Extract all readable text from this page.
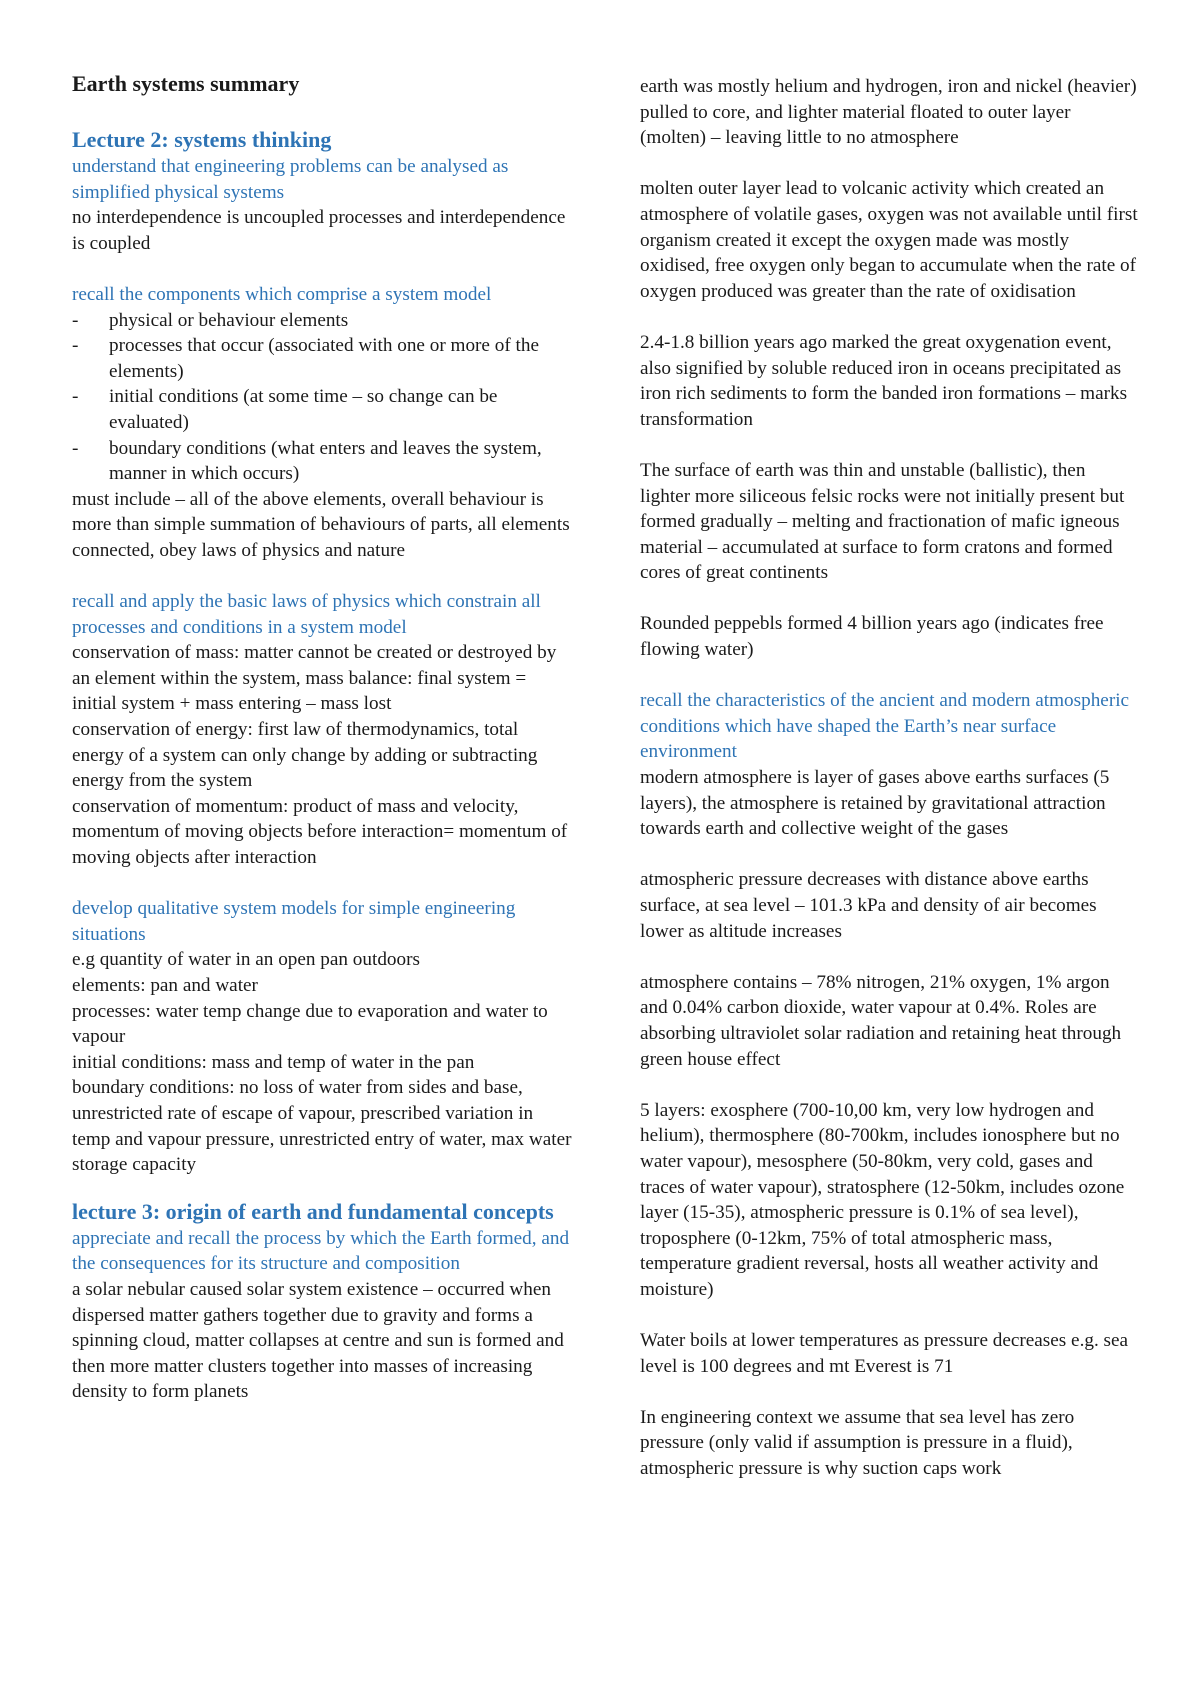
Earth systems summary

Lecture 2: systems thinking

understand that engineering problems can be analysed as simplified physical systems

no interdependence is uncoupled processes and interdependence is coupled

recall the components which comprise a system model

- physical or behaviour elements
- processes that occur (associated with one or more of the elements)
- initial conditions (at some time – so change can be evaluated)
- boundary conditions (what enters and leaves the system, manner in which occurs)

must include – all of the above elements, overall behaviour is more than simple summation of behaviours of parts, all elements connected, obey laws of physics and nature

recall and apply the basic laws of physics which constrain all processes and conditions in a system model

conservation of mass: matter cannot be created or destroyed by an element within the system, mass balance: final system = initial system + mass entering – mass lost

conservation of energy: first law of thermodynamics, total energy of a system can only change by adding or subtracting energy from the system

conservation of momentum: product of mass and velocity, momentum of moving objects before interaction= momentum of moving objects after interaction

develop qualitative system models for simple engineering situations

e.g quantity of water in an open pan outdoors

elements: pan and water

processes: water temp change due to evaporation and water to vapour

initial conditions: mass and temp of water in the pan

boundary conditions: no loss of water from sides and base, unrestricted rate of escape of vapour, prescribed variation in temp and vapour pressure, unrestricted entry of water, max water storage capacity

lecture 3: origin of earth and fundamental concepts

appreciate and recall the process by which the Earth formed, and the consequences for its structure and composition

a solar nebular caused solar system existence – occurred when dispersed matter gathers together due to gravity and forms a spinning cloud, matter collapses at centre and sun is formed and then more matter clusters together into masses of increasing density to form planets

earth was mostly helium and hydrogen, iron and nickel (heavier) pulled to core, and lighter material floated to outer layer (molten) – leaving little to no atmosphere

molten outer layer lead to volcanic activity which created an atmosphere of volatile gases, oxygen was not available until first organism created it except the oxygen made was mostly oxidised, free oxygen only began to accumulate when the rate of oxygen produced was greater than the rate of oxidisation

2.4-1.8 billion years ago marked the great oxygenation event, also signified by soluble reduced iron in oceans precipitated as iron rich sediments to form the banded iron formations – marks transformation

The surface of earth was thin and unstable (ballistic), then lighter more siliceous felsic rocks were not initially present but formed gradually – melting and fractionation of mafic igneous material – accumulated at surface to form cratons and formed cores of great continents

Rounded peppebls formed 4 billion years ago (indicates free flowing water)

recall the characteristics of the ancient and modern atmospheric conditions which have shaped the Earth’s near surface environment

modern atmosphere is layer of gases above earths surfaces (5 layers), the atmosphere is retained by gravitational attraction towards earth and collective weight of the gases

atmospheric pressure decreases with distance above earths surface, at sea level – 101.3 kPa and density of air becomes lower as altitude increases

atmosphere contains – 78% nitrogen, 21% oxygen, 1% argon and 0.04% carbon dioxide, water vapour at 0.4%. Roles are absorbing ultraviolet solar radiation and retaining heat through green house effect

5 layers: exosphere (700-10,00 km, very low hydrogen and helium), thermosphere (80-700km, includes ionosphere but no water vapour), mesosphere (50-80km, very cold, gases and traces of water vapour), stratosphere (12-50km, includes ozone layer (15-35), atmospheric pressure is 0.1% of sea level), troposphere (0-12km, 75% of total atmospheric mass, temperature gradient reversal, hosts all weather activity and moisture)

Water boils at lower temperatures as pressure decreases e.g. sea level is 100 degrees and mt Everest is 71

In engineering context we assume that sea level has zero pressure (only valid if assumption is pressure in a fluid), atmospheric pressure is why suction caps work
